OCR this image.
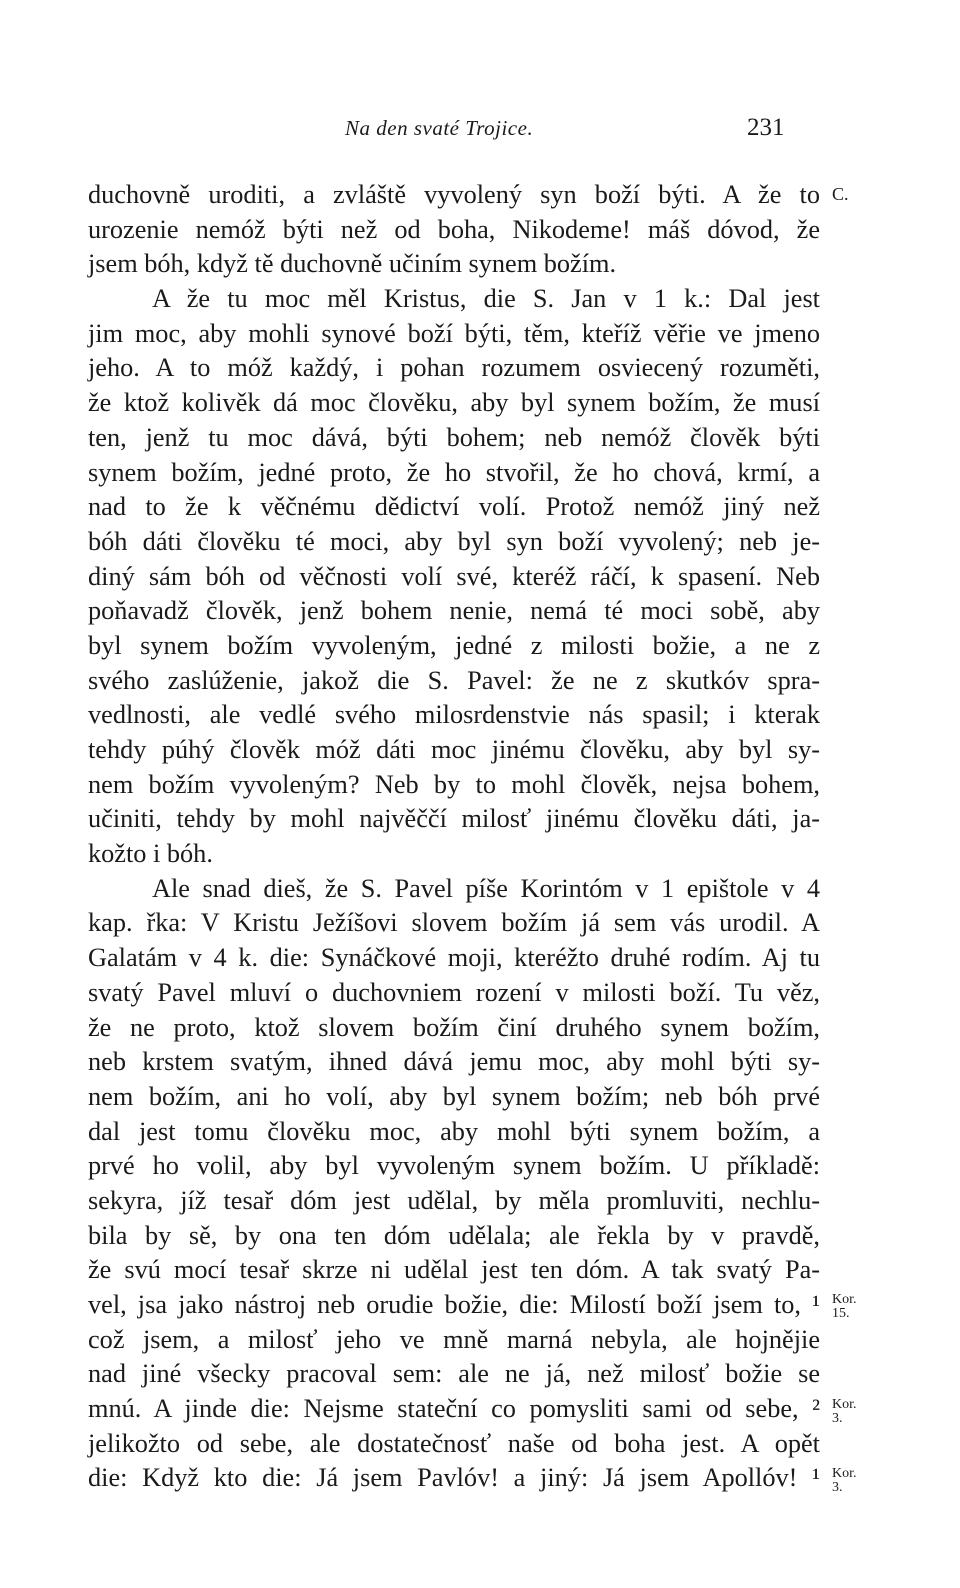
Na den svaté Trojice.	231
duchovně uroditi, a zvláště vyvolený syn boží býti. A že to
urozenie nemóž býti než od boha, Nikodeme! máš dóvod, že
jsem bóh, když tě duchovně učiním synem božím.
A že tu moc měl Kristus, die S. Jan v 1 k.: Dal jest
jim moc, aby mohli synové boží býti, těm, kteříž věřie ve jmeno
jeho. A to móž každý, i pohan rozumem osviecený rozuměti,
že ktož kolivěk dá moc člověku, aby byl synem božím, že musí
ten, jenž tu moc dává, býti bohem; neb nemóž člověk býti
synem božím, jedné proto, že ho stvořil, že ho chová, krmí, a
nad to že k věčnému dědictví volí. Protož nemóž jiný než
bóh dáti člověku té moci, aby byl syn boží vyvolený; neb je-
diný sám bóh od věčnosti volí své, kteréž ráčí, k spasení. Neb
poňavadž člověk, jenž bohem nenie, nemá té moci sobě, aby
byl synem božím vyvoleným, jedné z milosti božie, a ne z
svého zaslúženie, jakož die S. Pavel: že ne z skutkóv spra-
vedlnosti, ale vedlé svého milosrdenstvie nás spasil; i kterak
tehdy púhý člověk móž dáti moc jinému člověku, aby byl sy-
nem božím vyvoleným? Neb by to mohl člověk, nejsa bohem,
učiniti, tehdy by mohl najvěččí milosť jinému člověku dáti, ja-
kožto i bóh.
Ale snad dieš, že S. Pavel píše Korintóm v 1 epištole v 4
kap. řka: V Kristu Ježíšovi slovem božím já sem vás urodil. A
Galatám v 4 k. die: Synáčkové moji, kteréžto druhé rodím. Aj tu
svatý Pavel mluví o duchovniem rození v milosti boží. Tu věz,
že ne proto, ktož slovem božím činí druhého synem božím,
neb krstem svatým, ihned dává jemu moc, aby mohl býti sy-
nem božím, ani ho volí, aby byl synem božím; neb bóh prvé
dal jest tomu člověku moc, aby mohl býti synem božím, a
prvé ho volil, aby byl vyvoleným synem božím. U příkladě:
sekyra, jíž tesař dóm jest udělal, by měla promluviti, nechlu-
bila by sě, by ona ten dóm udělala; ale řekla by v pravdě,
že svú mocí tesař skrze ni udělal jest ten dóm. A tak svatý Pa-
vel, jsa jako nástroj neb orudie božie, die: Milostí boží jsem to, ¹
což jsem, a milosť jeho ve mně marná nebyla, ale hojnějie
nad jiné všecky pracoval sem: ale ne já, než milosť božie se
mnú. A jinde die: Nejsme stateční co pomysliti sami od sebe, ²
jelikožto od sebe, ale dostatečnosť naše od boha jest. A opět
die: Když kto die: Já jsem Pavlóv! a jiný: Já jsem Apollóv! ¹
C.
Kor.
15.
Kor.
3.
Kor.
3.
